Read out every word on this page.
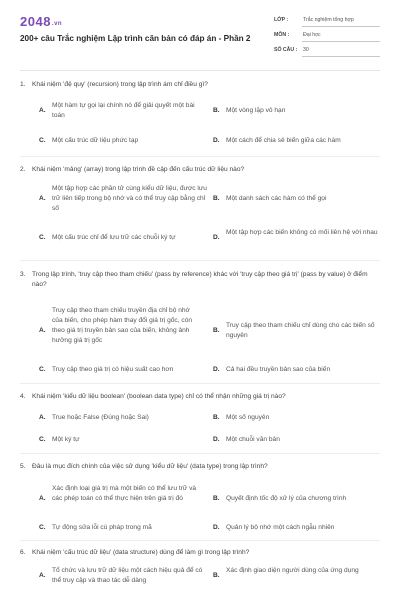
2048.vn
200+ câu Trắc nghiệm Lập trình căn bản có đáp án - Phần 2
LỚP :	Trắc nghiệm tổng hợp
MÔN :	Đại học
SỐ CÂU : 30
1. Khái niệm 'đệ quy' (recursion) trong lập trình ám chỉ điều gì?
A.
Một hàm tự gọi lại chính nó để giải quyết một bài toán
B. Một vòng lặp vô hạn
C. Một cấu trúc dữ liệu phức tạp	D. Một cách để chia sẻ biến giữa các hàm
2. Khái niệm 'mảng' (array) trong lập trình đề cập đến cấu trúc dữ liệu nào?
A.
Một tập hợp các phần tử cùng kiểu dữ liệu, được lưu trữ liên tiếp trong bộ nhớ và có thể truy cập bằng chỉ số
B. Một danh sách các hàm có thể gọi
C. Một cấu trúc chỉ để lưu trữ các chuỗi ký tự	D.
Một tập hợp các biến không có mối liên hệ với nhau
3. Trong lập trình, 'truy cập theo tham chiếu' (pass by reference) khác với 'truy cập theo giá trị' (pass by value) ở điểm nào?
A.
Truy cập theo tham chiếu truyền địa chỉ bộ nhớ của biến, cho phép hàm thay đổi giá trị gốc, còn theo giá trị truyền bản sao của biến, không ảnh hưởng giá trị gốc
B.
Truy cập theo tham chiếu chỉ dùng cho các biến số nguyên
C. Truy cập theo giá trị có hiệu suất cao hơn	D. Cả hai đều truyền bản sao của biến
4. Khái niệm 'kiểu dữ liệu boolean' (boolean data type) chỉ có thể nhận những giá trị nào?
A. True hoặc False (Đúng hoặc Sai)	B. Một số nguyên
C. Một ký tự	D. Một chuỗi văn bản
5. Đâu là mục đích chính của việc sử dụng 'kiểu dữ liệu' (data type) trong lập trình?
A.
Xác định loại giá trị mà một biến có thể lưu trữ và các phép toán có thể thực hiện trên giá trị đó	B. Quyết định tốc độ xử lý của chương trình
C. Tự động sửa lỗi cú pháp trong mã	D. Quản lý bộ nhớ một cách ngẫu nhiên
6. Khái niệm 'cấu trúc dữ liệu' (data structure) dùng để làm gì trong lập trình?
A.
Tổ chức và lưu trữ dữ liệu một cách hiệu quả để có thể truy cập và thao tác dễ dàng
B.
Xác định giao diện người dùng của ứng dụng
